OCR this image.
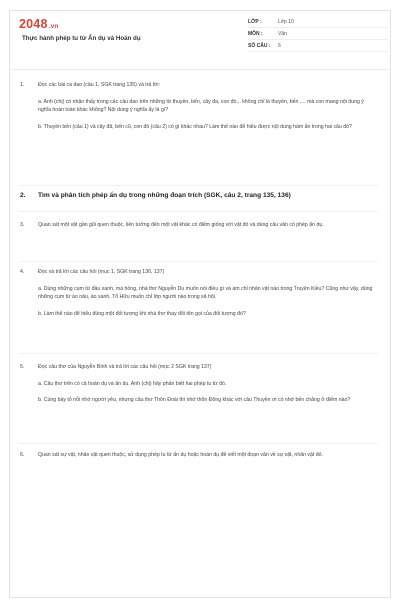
2048.vn
Thực hành phép tu từ Ẩn dụ và Hoán dụ
LỚP :	Lớp 10
MÔN :	Văn
SỐ CÂU :	6
1.	Đọc các bài ca dao (câu 1, SGK trang 135) và trả lời:
a. Anh (chị) có nhận thấy trong các câu dao trên những từ thuyền, bến, cây đa, con đò,.. không chỉ là thuyền, bến ,... mà con mang nội dung ý nghĩa hoàn toàn khác không? Nội dung ý nghĩa ấy là gì?
b. Thuyền bến (câu 1) và cây đã, bến cũ, con đò (câu 2) có gì khác nhau? Làm thế nào để hiểu được nội dung hàm ẩn trong hai câu đó?
2.	Tìm và phân tích phép ẩn dụ trong những đoạn trích (SGK, câu 2, trang 135, 136)
3.	Quan sát một vật gần gũi quen thuộc, liên tưởng đến một vật khác có điểm giống với vật đó và dùng câu văn có phép ẩn dụ.
4.	Đọc và trả lời các câu hỏi (mục 1, SGK trang 136, 137)
a. Dùng những cụm từ đầu xanh, má hồng, nhà thơ Nguyễn Du muốn nói điều gì và ám chỉ nhân vật nào trong Truyện Kiều? Cũng như vậy, dùng những cụm từ áo nâu, áo xanh, Tố Hữu muốn chỉ lớp người nào trong xã hội.
b. Làm thế nào để hiểu đúng một đối tượng khi nhà thơ thay đổi tên gọi của đối tượng đó?
5.	Đọc câu thơ của Nguyễn Bính và trả lời các câu hỏi (mục 2 SGK trang 137)
a. Câu thơ trên có cả hoán dụ và ẩn dụ. Anh (chị) hãy phân biệt hai phép tu từ đó.
b. Cùng bày tỏ nỗi nhớ người yêu, nhưng câu thơ Thôn Đoài thì nhớ thôn Đông khác với câu Thuyền ơi có nhớ bến chăng ở điểm nào?
6.	Quan sát sự vật, nhân vật quen thuộc, sử dụng phép tu từ ẩn dụ hoặc hoán dụ để viết một đoạn văn về sự vật, nhân vật đó.
